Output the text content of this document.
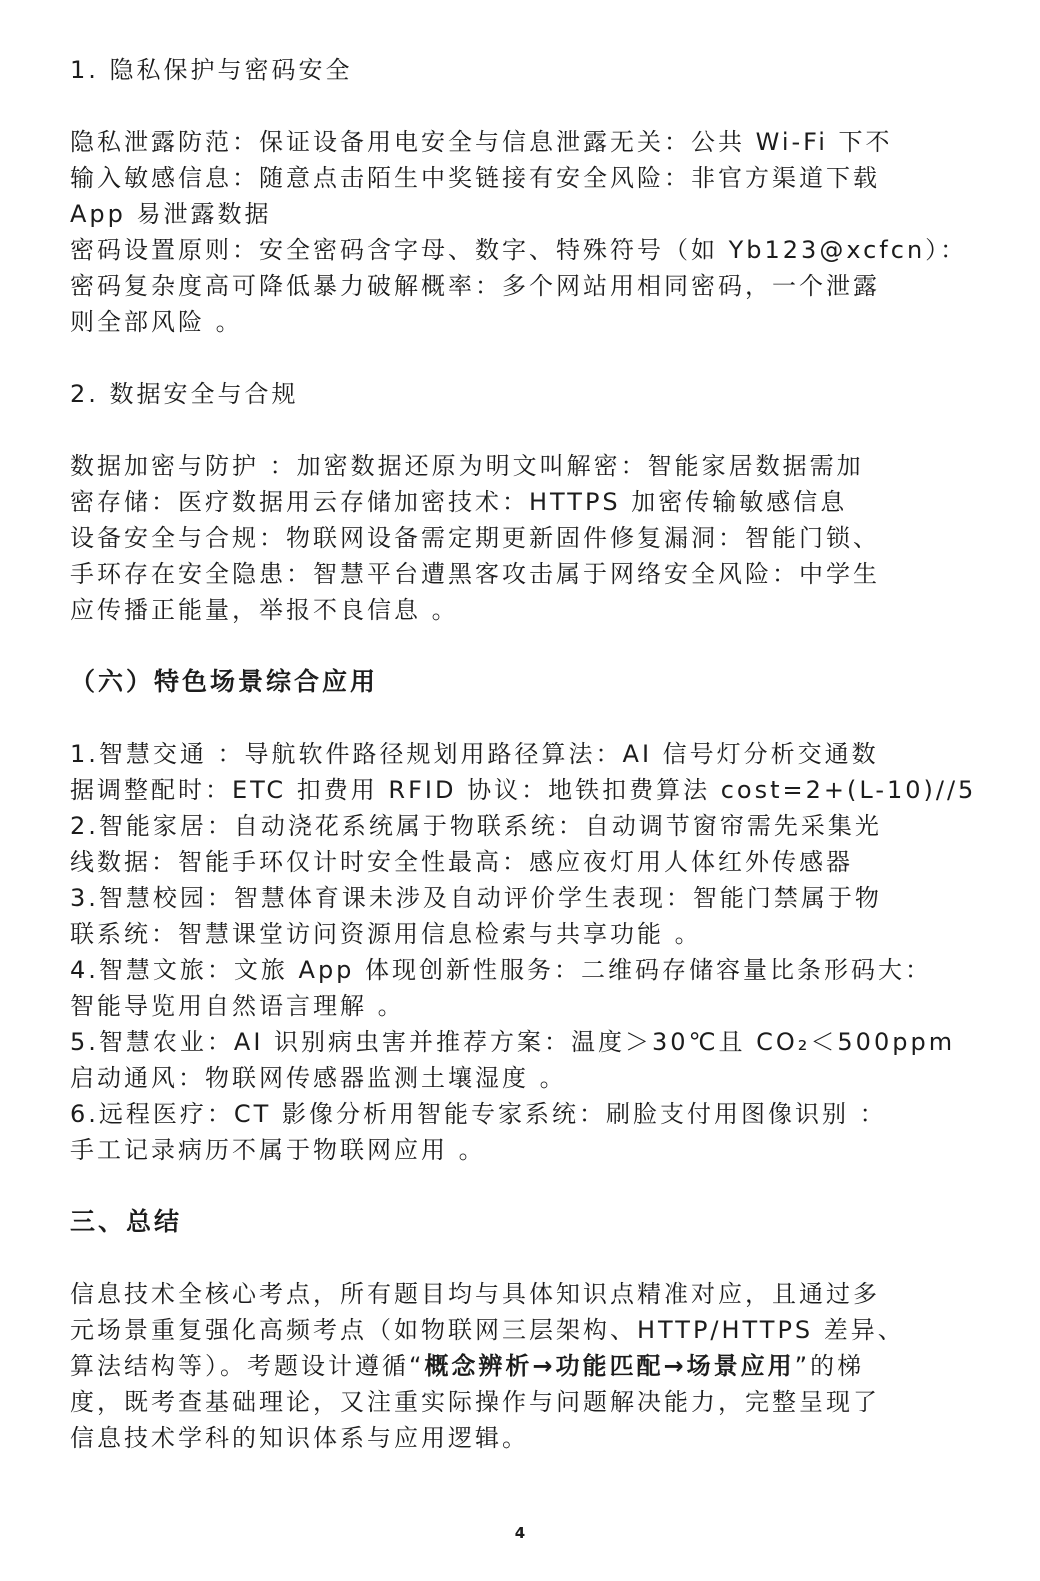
1. 隐私保护与密码安全
隐私泄露防范：保证设备用电安全与信息泄露无关：公共 Wi-Fi 下不
输入敏感信息：随意点击陌生中奖链接有安全风险：非官方渠道下载
App 易泄露数据
密码设置原则：安全密码含字母、数字、特殊符号（如 Yb123@xcfcn）：
密码复杂度高可降低暴力破解概率：多个网站用相同密码，一个泄露
则全部风险 。
2. 数据安全与合规
数据加密与防护 ：加密数据还原为明文叫解密：智能家居数据需加
密存储：医疗数据用云存储加密技术：HTTPS 加密传输敏感信息
设备安全与合规：物联网设备需定期更新固件修复漏洞：智能门锁、
手环存在安全隐患：智慧平台遭黑客攻击属于网络安全风险：中学生
应传播正能量，举报不良信息 。
（六）特色场景综合应用
1.智慧交通 ：导航软件路径规划用路径算法：AI 信号灯分析交通数
据调整配时：ETC 扣费用 RFID 协议：地铁扣费算法 cost=2+(L-10)//5
2.智能家居：自动浇花系统属于物联系统：自动调节窗帘需先采集光
线数据：智能手环仅计时安全性最高：感应夜灯用人体红外传感器
3.智慧校园：智慧体育课未涉及自动评价学生表现：智能门禁属于物
联系统：智慧课堂访问资源用信息检索与共享功能 。
4.智慧文旅：文旅 App 体现创新性服务：二维码存储容量比条形码大：
智能导览用自然语言理解 。
5.智慧农业：AI 识别病虫害并推荐方案：温度＞30℃且 CO₂＜500ppm
启动通风：物联网传感器监测土壤湿度 。
6.远程医疗：CT 影像分析用智能专家系统：刷脸支付用图像识别 ：
手工记录病历不属于物联网应用 。
三、总结
信息技术全核心考点，所有题目均与具体知识点精准对应，且通过多
元场景重复强化高频考点（如物联网三层架构、HTTP/HTTPS 差异、
算法结构等）。考题设计遵循“概念辨析→功能匹配→场景应用”的梯
度，既考查基础理论，又注重实际操作与问题解决能力，完整呈现了
信息技术学科的知识体系与应用逻辑。
4
